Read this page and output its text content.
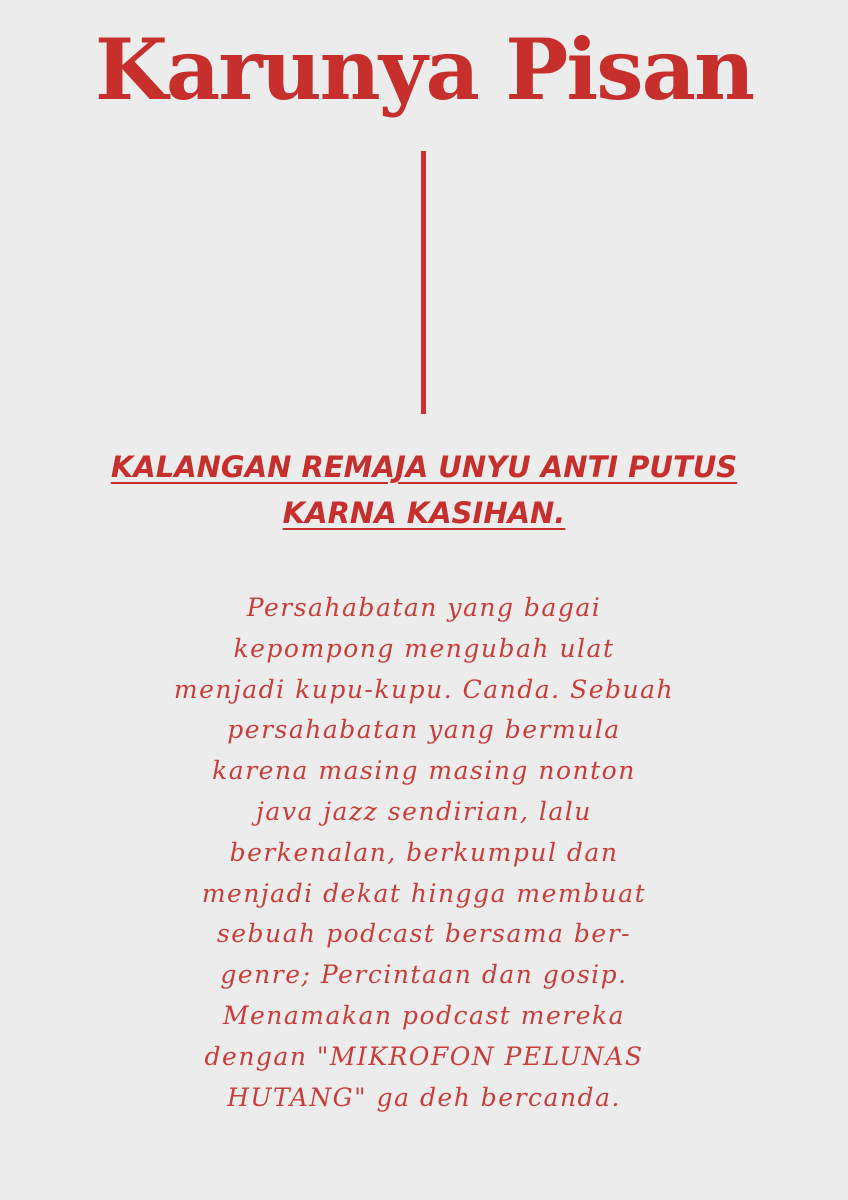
Karunya Pisan
KALANGAN REMAJA UNYU ANTI PUTUS
KARNA KASIHAN.
Persahabatan yang bagai
kepompong mengubah ulat
menjadi kupu-kupu. Canda. Sebuah
persahabatan yang bermula
karena masing masing nonton
java jazz sendirian, lalu
berkenalan, berkumpul dan
menjadi dekat hingga membuat
sebuah podcast bersama ber-
genre; Percintaan dan gosip.
Menamakan podcast mereka
dengan "MIKROFON PELUNAS
HUTANG" ga deh bercanda.
